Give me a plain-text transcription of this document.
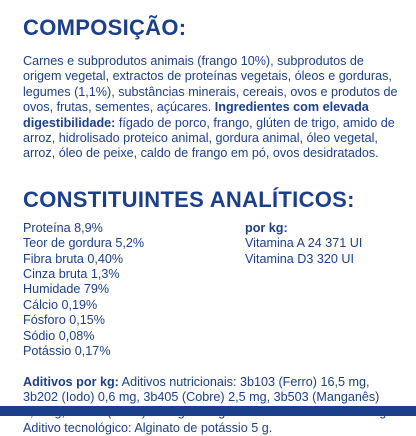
COMPOSIÇÃO:

Carnes e subprodutos animais (frango 10%), subprodutos de origem vegetal, extractos de proteínas vegetais, óleos e gorduras, legumes (1,1%), substâncias minerais, cereais, ovos e produtos de ovos, frutas, sementes, açúcares. Ingredientes com elevada digestibilidade: fígado de porco, frango, glúten de trigo, amido de arroz, hidrolisado proteico animal, gordura animal, óleo vegetal, arroz, óleo de peixe, caldo de frango em pó, ovos desidratados.

CONSTITUINTES ANALÍTICOS:
Proteína 8,9%
Teor de gordura 5,2%
Fibra bruta 0,40%
Cinza bruta 1,3%
Humidade 79%
Cálcio 0,19%
Fósforo 0,15%
Sódio 0,08%
Potássio 0,17%
por kg:
Vitamina A 24 371 UI
Vitamina D3 320 UI

Aditivos por kg: Aditivos nutricionais: 3b103 (Ferro) 16,5 mg, 3b202 (Iodo) 0,6 mg, 3b405 (Cobre) 2,5 mg, 3b503 (Manganês) Aditivo tecnológico: Alginato de potássio 5 g.
